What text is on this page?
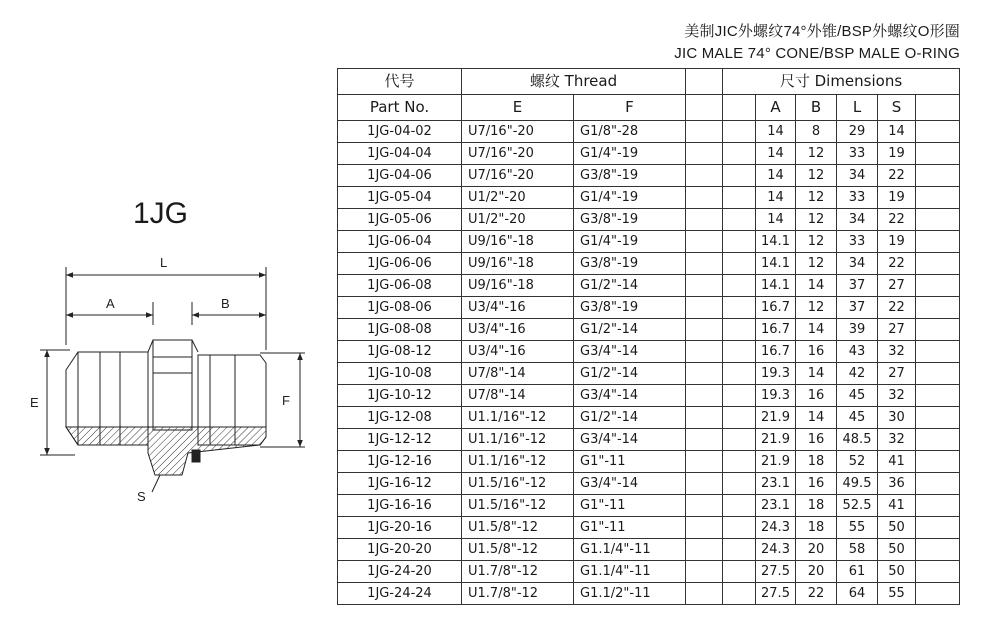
美制JIC外螺纹74°外锥/BSP外螺纹O形圈
JIC MALE 74° CONE/BSP MALE O-RING
1JG
L
A	B
E	F
S
代号	螺纹 Thread			尺寸 Dimensions					
Part No.	E	F			A	B	L	S	
1JG-04-02	U7/16"-20	G1/8"-28			14	8	29	14	
1JG-04-04	U7/16"-20	G1/4"-19			14	12	33	19	
1JG-04-06	U7/16"-20	G3/8"-19			14	12	34	22	
1JG-05-04	U1/2"-20	G1/4"-19			14	12	33	19	
1JG-05-06	U1/2"-20	G3/8"-19			14	12	34	22	
1JG-06-04	U9/16"-18	G1/4"-19			14.1	12	33	19	
1JG-06-06	U9/16"-18	G3/8"-19			14.1	12	34	22	
1JG-06-08	U9/16"-18	G1/2"-14			14.1	14	37	27	
1JG-08-06	U3/4"-16	G3/8"-19			16.7	12	37	22	
1JG-08-08	U3/4"-16	G1/2"-14			16.7	14	39	27	
1JG-08-12	U3/4"-16	G3/4"-14			16.7	16	43	32	
1JG-10-08	U7/8"-14	G1/2"-14			19.3	14	42	27	
1JG-10-12	U7/8"-14	G3/4"-14			19.3	16	45	32	
1JG-12-08	U1.1/16"-12	G1/2"-14			21.9	14	45	30	
1JG-12-12	U1.1/16"-12	G3/4"-14			21.9	16	48.5	32	
1JG-12-16	U1.1/16"-12	G1"-11			21.9	18	52	41	
1JG-16-12	U1.5/16"-12	G3/4"-14			23.1	16	49.5	36	
1JG-16-16	U1.5/16"-12	G1"-11			23.1	18	52.5	41	
1JG-20-16	U1.5/8"-12	G1"-11			24.3	18	55	50	
1JG-20-20	U1.5/8"-12	G1.1/4"-11			24.3	20	58	50	
1JG-24-20	U1.7/8"-12	G1.1/4"-11			27.5	20	61	50	
1JG-24-24	U1.7/8"-12	G1.1/2"-11			27.5	22	64	55	
